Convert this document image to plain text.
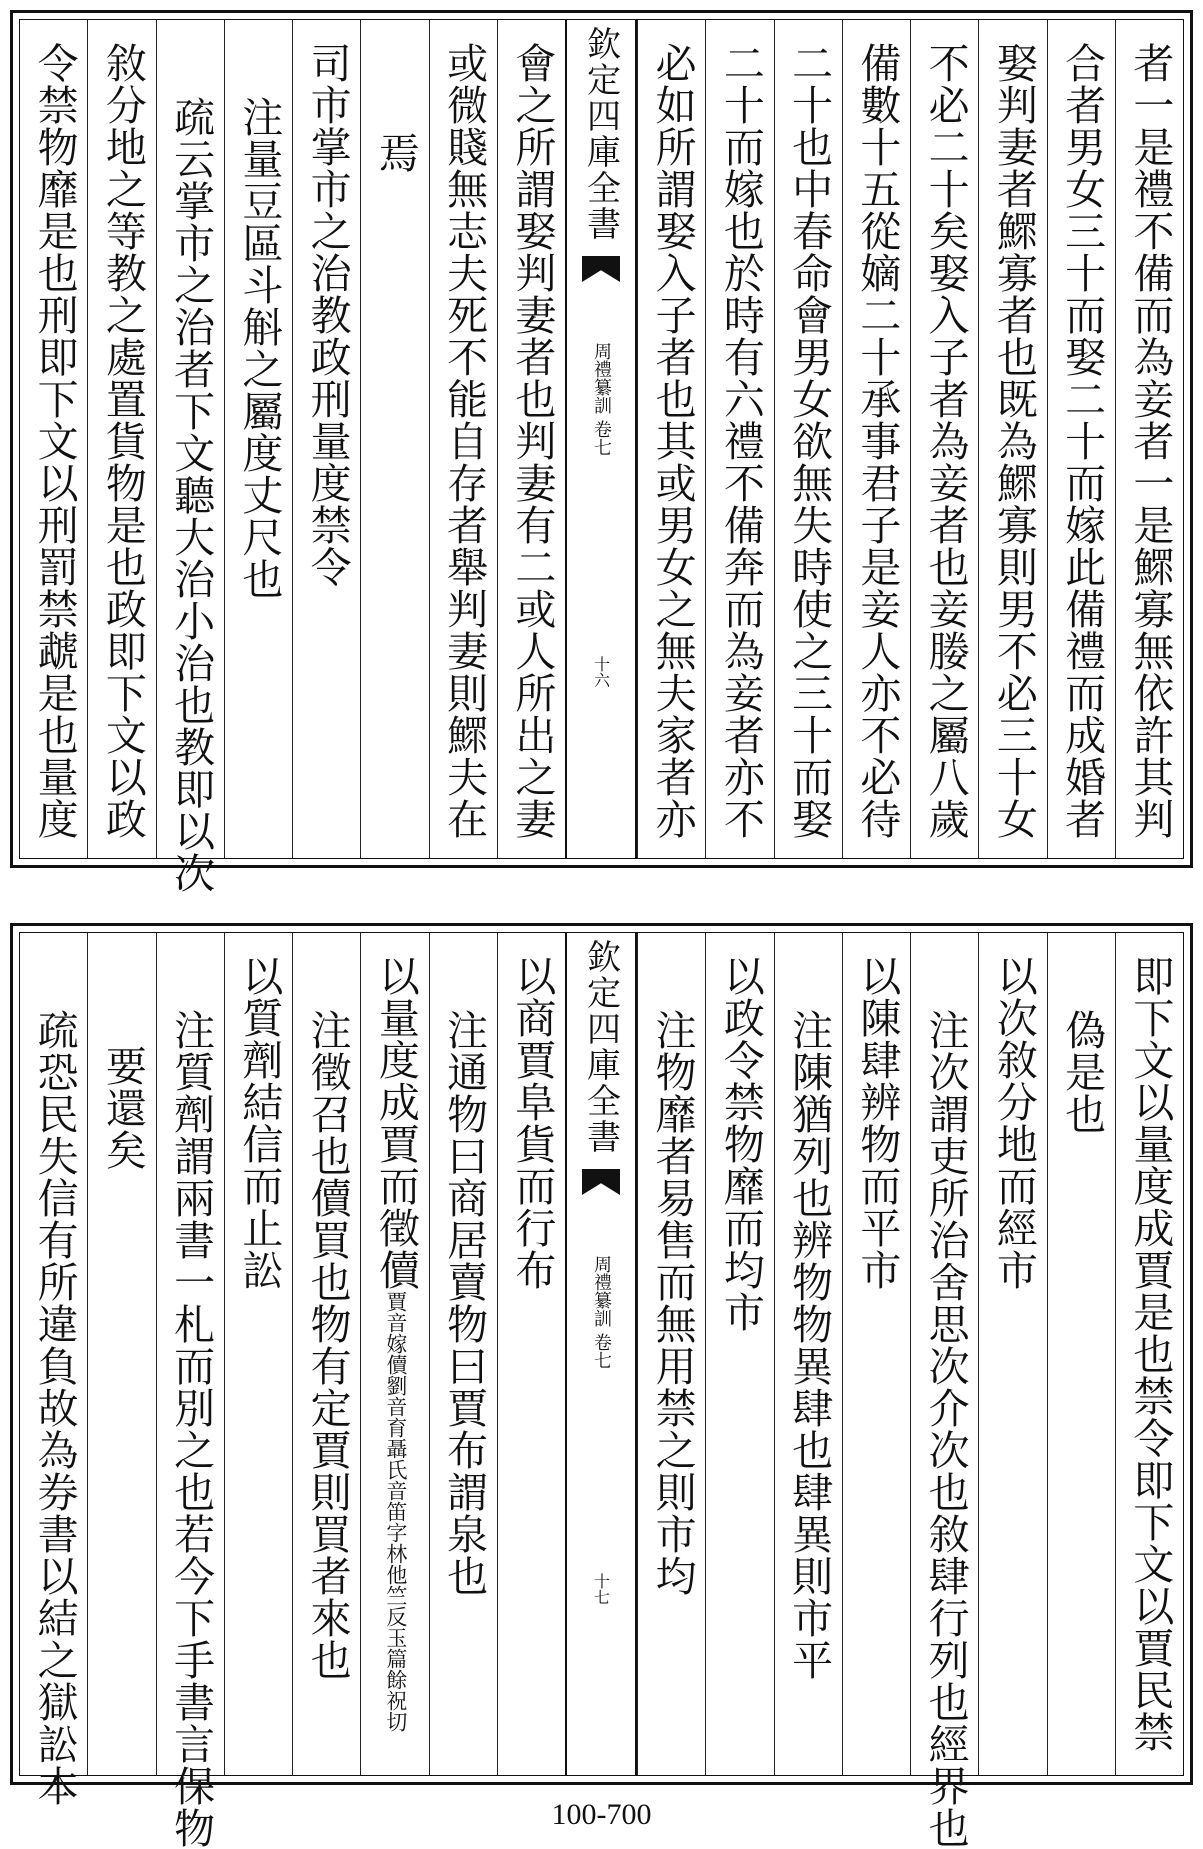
者一是禮不備而為妾者一是鰥寡無依許其判
合者男女三十而娶二十而嫁此備禮而成婚者
娶判妻者鰥寡者也既為鰥寡則男不必三十女
不必二十矣娶入子者為妾者也妾媵之屬八歲
備數十五從嫡二十承事君子是妾人亦不必待
二十也中春命會男女欲無失時使之三十而娶
二十而嫁也於時有六禮不備奔而為妾者亦不
必如所謂娶入子者也其或男女之無夫家者亦
欽定四庫全書
周禮纂訓
卷七
十六
會之所謂娶判妻者也判妻有二或人所出之妻
或微賤無志夫死不能自存者舉判妻則鰥夫在
焉
司市掌市之治教政刑量度禁令
注量豆區斗斛之屬度丈尺也
疏云掌市之治者下文聽大治小治也教即以次
敘分地之等教之處置貨物是也政即下文以政
令禁物靡是也刑即下文以刑罰禁虣是也量度
即下文以量度成賈是也禁令即下文以賈民禁
偽是也
以次敘分地而經市
注次謂吏所治舍思次介次也敘肆行列也經界也
以陳肆辨物而平市
注陳猶列也辨物物異肆也肆異則市平
以政令禁物靡而均市
注物靡者易售而無用禁之則市均
欽定四庫全書
周禮纂訓
卷七
十七
以商賈阜貨而行布
注通物曰商居賣物曰賈布謂泉也
以量度成賈而徵儥賈音嫁儥劉音育聶氏音笛字林他竺反玉篇餘祝切
注徵召也儥買也物有定賈則買者來也
以質劑結信而止訟
注質劑謂兩書一札而別之也若今下手書言保物
要還矣
疏恐民失信有所違負故為券書以結之獄訟本
100-700
